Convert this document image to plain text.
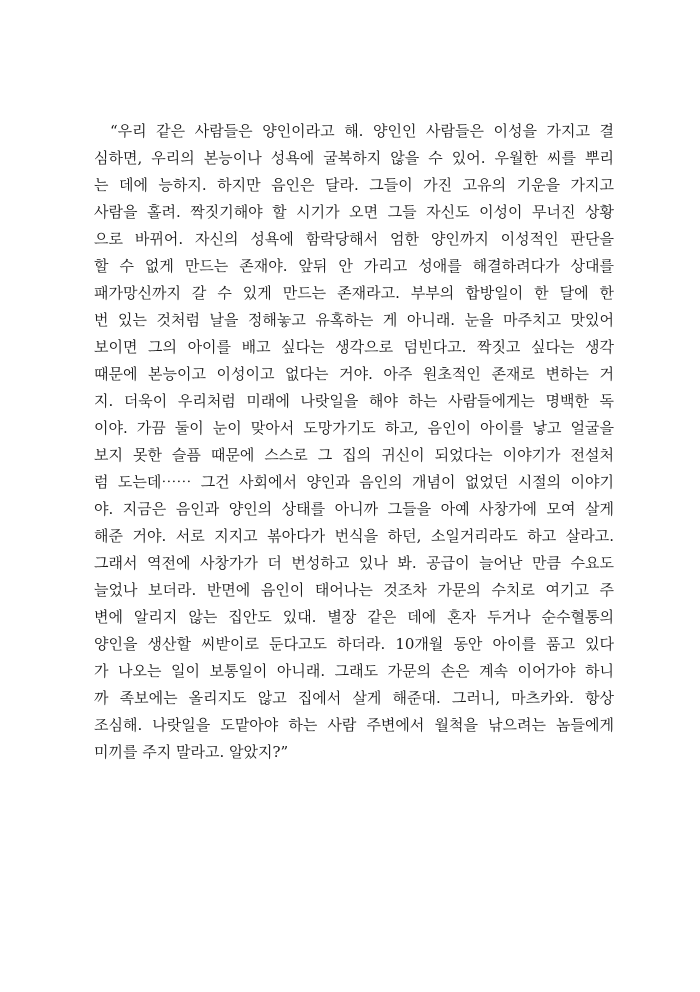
“우리 같은 사람들은 양인이라고 해. 양인인 사람들은 이성을 가지고 결
심하면, 우리의 본능이나 성욕에 굴복하지 않을 수 있어. 우월한 씨를 뿌리
는 데에 능하지. 하지만 음인은 달라. 그들이 가진 고유의 기운을 가지고
사람을 홀려. 짝짓기해야 할 시기가 오면 그들 자신도 이성이 무너진 상황
으로 바뀌어. 자신의 성욕에 함락당해서 엄한 양인까지 이성적인 판단을
할 수 없게 만드는 존재야. 앞뒤 안 가리고 성애를 해결하려다가 상대를
패가망신까지 갈 수 있게 만드는 존재라고. 부부의 합방일이 한 달에 한
번 있는 것처럼 날을 정해놓고 유혹하는 게 아니래. 눈을 마주치고 맛있어
보이면 그의 아이를 배고 싶다는 생각으로 덤빈다고. 짝짓고 싶다는 생각
때문에 본능이고 이성이고 없다는 거야. 아주 원초적인 존재로 변하는 거
지. 더욱이 우리처럼 미래에 나랏일을 해야 하는 사람들에게는 명백한 독
이야. 가끔 둘이 눈이 맞아서 도망가기도 하고, 음인이 아이를 낳고 얼굴을
보지 못한 슬픔 때문에 스스로 그 집의 귀신이 되었다는 이야기가 전설처
럼 도는데⋯⋯ 그건 사회에서 양인과 음인의 개념이 없었던 시절의 이야기
야. 지금은 음인과 양인의 상태를 아니까 그들을 아예 사창가에 모여 살게
해준 거야. 서로 지지고 볶아다가 번식을 하던, 소일거리라도 하고 살라고.
그래서 역전에 사창가가 더 번성하고 있나 봐. 공급이 늘어난 만큼 수요도
늘었나 보더라. 반면에 음인이 태어나는 것조차 가문의 수치로 여기고 주
변에 알리지 않는 집안도 있대. 별장 같은 데에 혼자 두거나 순수혈통의
양인을 생산할 씨받이로 둔다고도 하더라. 10개월 동안 아이를 품고 있다
가 나오는 일이 보통일이 아니래. 그래도 가문의 손은 계속 이어가야 하니
까 족보에는 올리지도 않고 집에서 살게 해준대. 그러니, 마츠카와. 항상
조심해. 나랏일을 도맡아야 하는 사람 주변에서 월척을 낚으려는 놈들에게
미끼를 주지 말라고. 알았지?”
